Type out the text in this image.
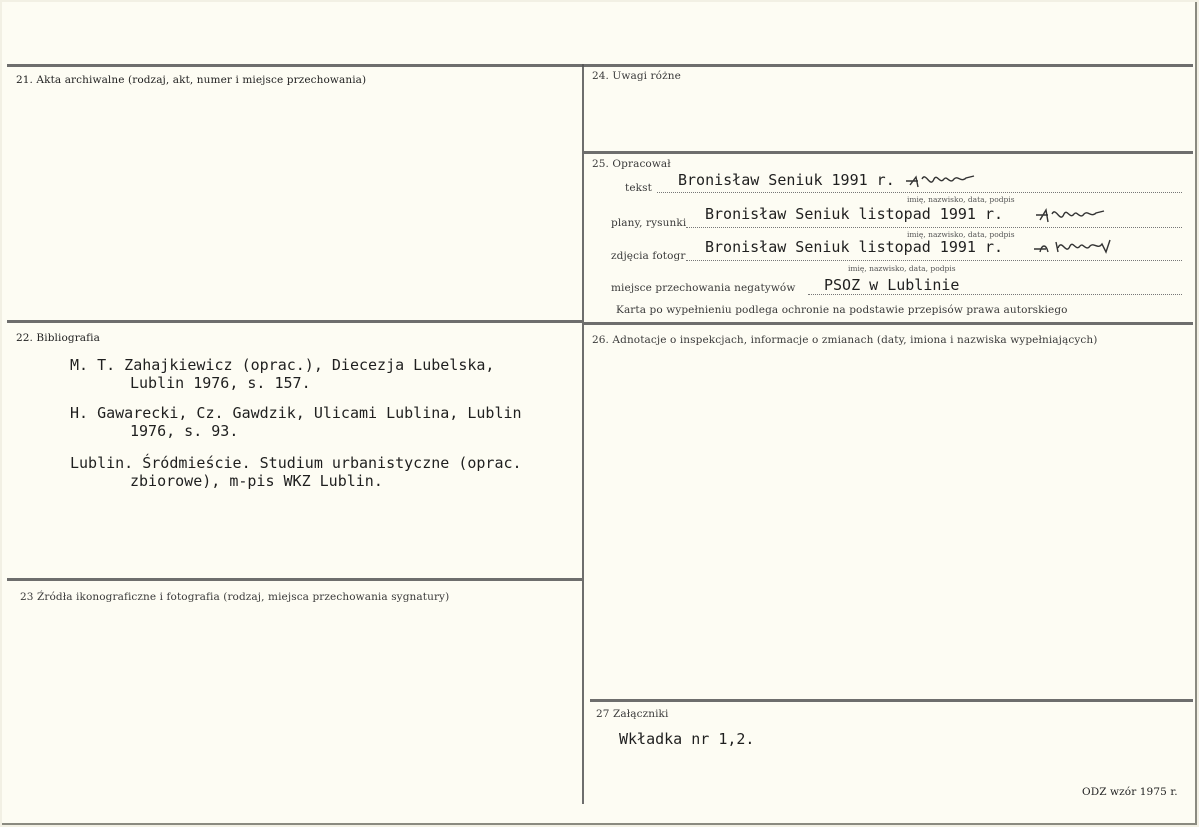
21. Akta archiwalne (rodzaj, akt, numer i miejsce przechowania)
22. Bibliografia
M. T. Zahajkiewicz (oprac.), Diecezja Lubelska,
Lublin 1976, s. 157.
H. Gawarecki, Cz. Gawdzik, Ulicami Lublina, Lublin
1976, s. 93.
Lublin. Śródmieście. Studium urbanistyczne (oprac.
zbiorowe), m-pis WKZ Lublin.
23 Źródła ikonograficzne i fotografia (rodzaj, miejsca przechowania sygnatury)
24. Uwagi różne
25. Opracował
tekst Bronisław Seniuk 1991 r.
imię, nazwisko, data, podpis
plany, rysunki Bronisław Seniuk listopad 1991 r.
imię, nazwisko, data, podpis
zdjęcia fotogr Bronisław Seniuk listopad 1991 r.
imię, nazwisko, data, podpis
miejsce przechowania negatywów PSOZ w Lublinie
Karta po wypełnieniu podlega ochronie na podstawie przepisów prawa autorskiego
26. Adnotacje o inspekcjach, informacje o zmianach (daty, imiona i nazwiska wypełniających)
27 Załączniki
Wkładka nr 1,2.
ODZ wzór 1975 r.
